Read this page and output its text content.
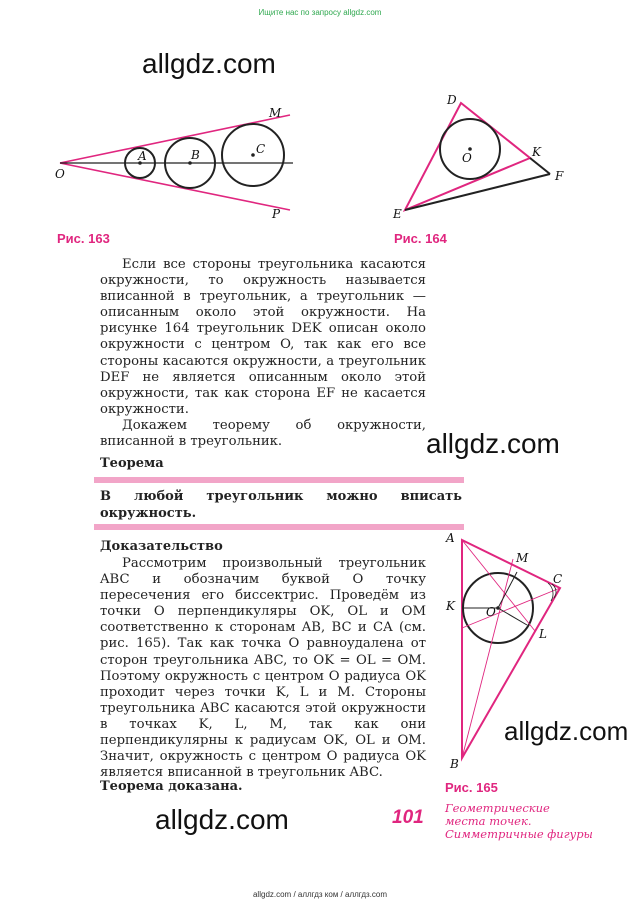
Ищите нас по запросу allgdz.com
allgdz.com
allgdz.com
allgdz.com
allgdz.com
O
A	B	C
M
P
Рис. 163
D
O	K
F
E
Рис. 164

Если все стороны треугольника касаются окружности, то окружность называется вписанной в треугольник, а треугольник — описанным около этой окружности. На рисунке 164 треугольник DEK описан около окружности с центром O, так как его все стороны касаются окружности, а треугольник DEF не является описанным около этой окружности, так как сторона EF не касается окружности.

Докажем теорему об окружности, вписанной в треугольник.

Теорема
В любой треугольник можно вписать окружность.
Доказательство

Рассмотрим произвольный треугольник ABC и обозначим буквой O точку пересечения его биссектрис. Проведём из точки O перпендикуляры OK, OL и OM соответственно к сторонам AB, BC и CA (см. рис. 165). Так как точка O равноудалена от сторон треугольника ABC, то OK = OL = OM. Поэтому окружность с центром O радиуса OK проходит через точки K, L и M. Стороны треугольника ABC касаются этой окружности в точках K, L, M, так как они перпендикулярны к радиусам OK, OL и OM. Значит, окружность с центром O радиуса OK является вписанной в треугольник ABC.

Теорема доказана.
A
M
C
K	O
L
B
Рис. 165
101 Геометрические
места точек.
Симметричные фигуры
allgdz.com / аллгдз ком / аллгдз.com
